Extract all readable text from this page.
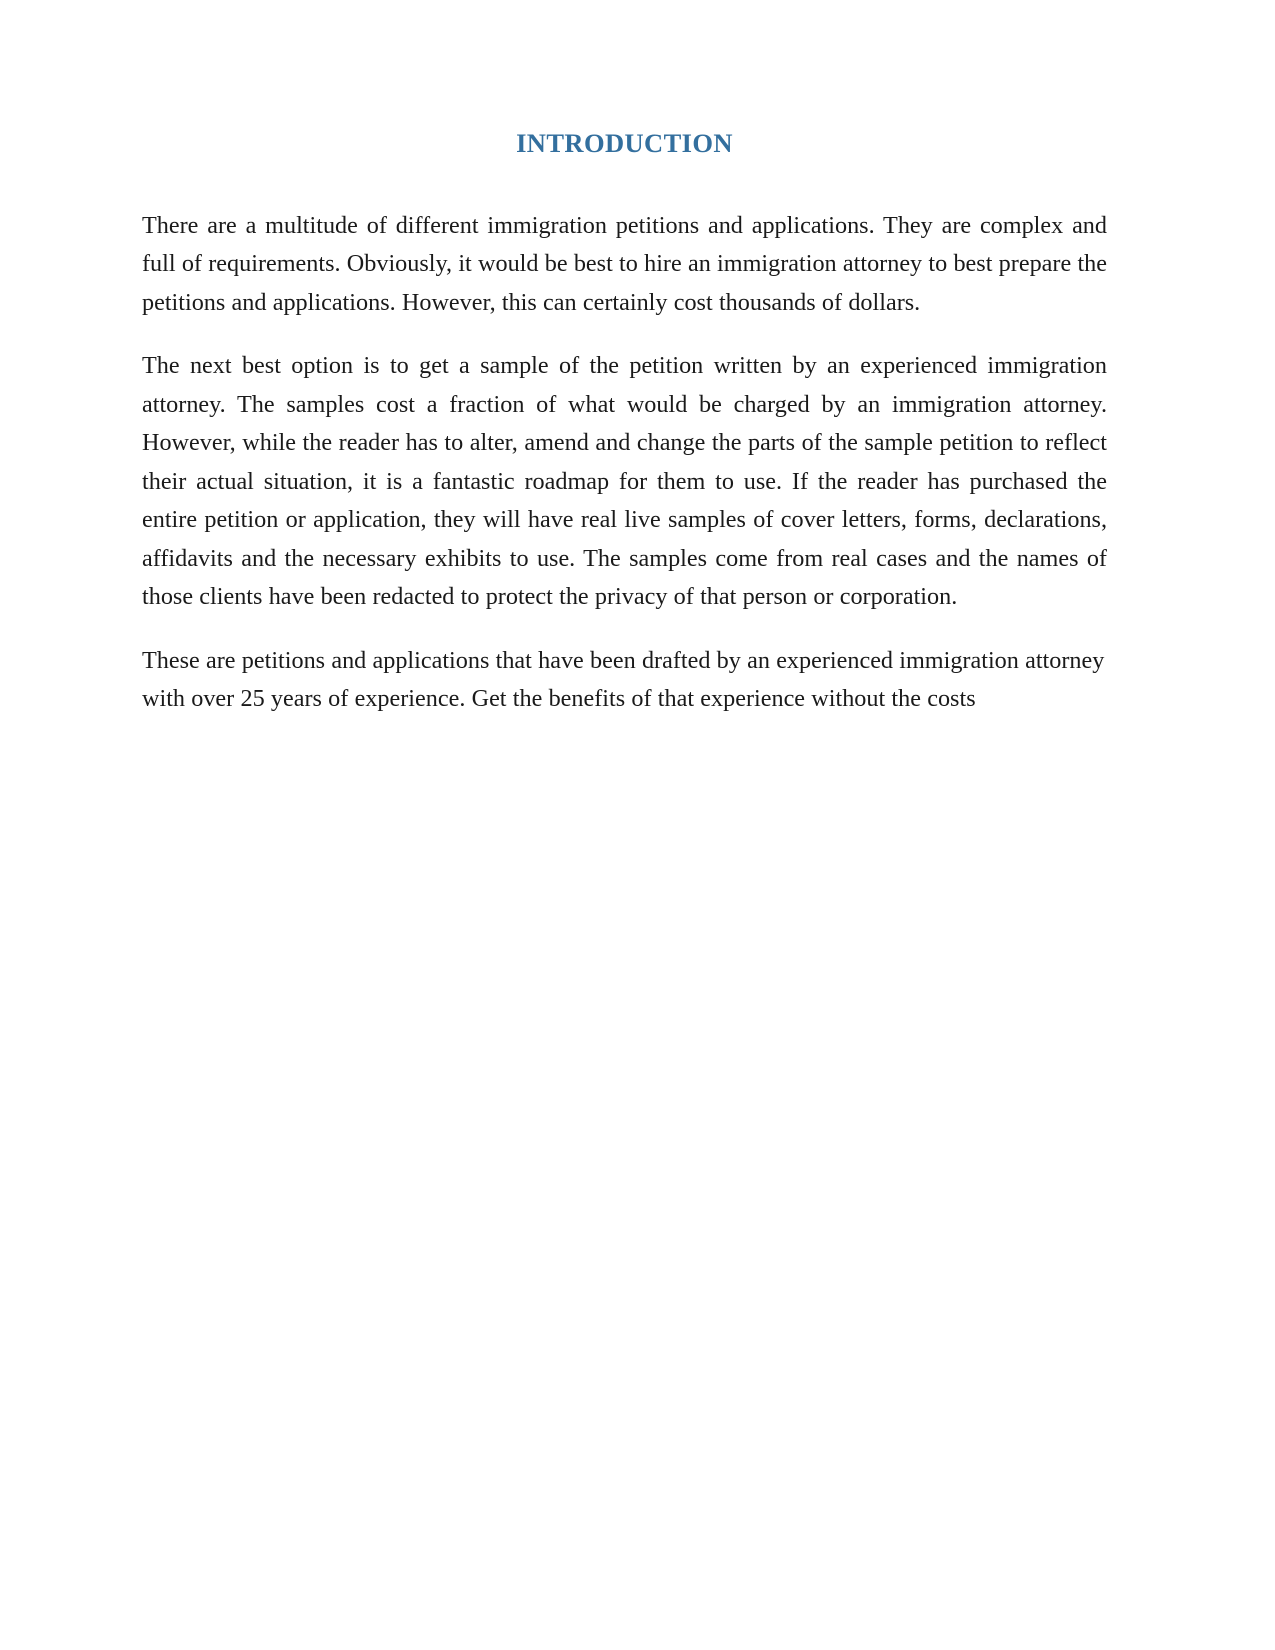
INTRODUCTION

There are a multitude of different immigration petitions and applications. They are complex and full of requirements. Obviously, it would be best to hire an immigration attorney to best prepare the petitions and applications. However, this can certainly cost thousands of dollars.

The next best option is to get a sample of the petition written by an experienced immigration attorney. The samples cost a fraction of what would be charged by an immigration attorney. However, while the reader has to alter, amend and change the parts of the sample petition to reflect their actual situation, it is a fantastic roadmap for them to use. If the reader has purchased the entire petition or application, they will have real live samples of cover letters, forms, declarations, affidavits and the necessary exhibits to use. The samples come from real cases and the names of those clients have been redacted to protect the privacy of that person or corporation.

These are petitions and applications that have been drafted by an experienced immigration attorney with over 25 years of experience. Get the benefits of that experience without the costs
